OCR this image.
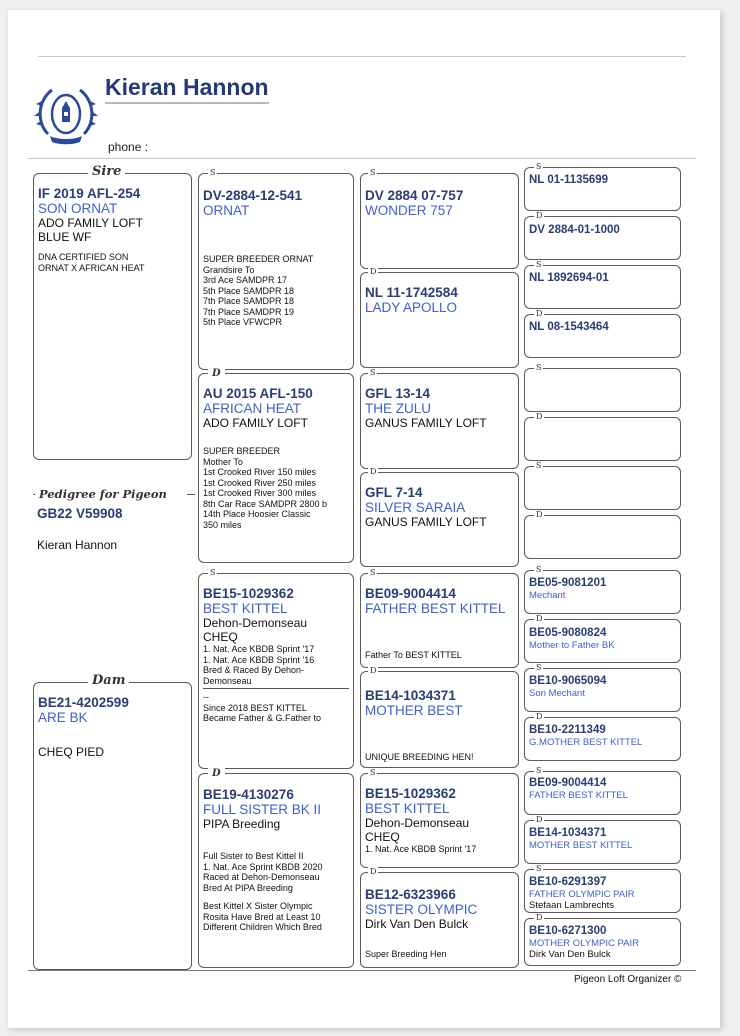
Kieran Hannon
phone :
IF 2019 AFL-254
SON ORNAT
ADO FAMILY LOFT
BLUE WF
DNA CERTIFIED SON
ORNAT X AFRICAN HEAT
Sire
Pedigree for Pigeon
GB22 V59908
Kieran Hannon
BE21-4202599
ARE BK
CHEQ PIED
Dam
DV-2884-12-541
ORNAT
SUPER BREEDER ORNAT
Grandsire To
3rd Ace SAMDPR 17
5th Place SAMDPR 18
7th Place SAMDPR 18
7th Place SAMDPR 19
5th Place VFWCPR
S
AU 2015 AFL-150
AFRICAN HEAT
ADO FAMILY LOFT
SUPER BREEDER
Mother To
1st Crooked River 150 miles
1st Crooked River 250 miles
1st Crooked River 300 miles
8th Car Race SAMDPR 2800 b
14th Place Hoosier Classic
350 miles
D
BE15-1029362
BEST KITTEL
Dehon-Demonseau
CHEQ
1. Nat. Ace KBDB Sprint '17
1. Nat. Ace KBDB Sprint '16
Bred & Raced By Dehon-
Demonseau
--
Since 2018 BEST KITTEL
Became Father & G.Father to
S
BE19-4130276
FULL SISTER BK II
PIPA Breeding
Full Sister to Best Kittel II
1. Nat. Ace Sprint KBDB 2020
Raced at Dehon-Demonseau
Bred At PIPA Breeding
Best Kittel X Sister Olympic
Rosita Have Bred at Least 10
Different Children Which Bred
D
DV 2884 07-757
WONDER 757
S
NL 11-1742584
LADY APOLLO
D
GFL 13-14
THE ZULU
GANUS FAMILY LOFT
S
GFL 7-14
SILVER SARAIA
GANUS FAMILY LOFT
D
BE09-9004414
FATHER BEST KITTEL
Father To BEST KITTEL
S
BE14-1034371
MOTHER BEST
UNIQUE BREEDING HEN!
D
BE15-1029362
BEST KITTEL
Dehon-Demonseau
CHEQ
1. Nat. Ace KBDB Sprint '17
S
BE12-6323966
SISTER OLYMPIC
Dirk Van Den Bulck
Super Breeding Hen
D
NL 01-1135699
S
DV 2884-01-1000
D
NL 1892694-01
S
NL 08-1543464
D
S
D
S
D
BE05-9081201
Mechant
S
BE05-9080824
Mother to Father BK
D
BE10-9065094
Son Mechant
S
BE10-2211349
G.MOTHER BEST KITTEL
D
BE09-9004414
FATHER BEST KITTEL
S
BE14-1034371
MOTHER BEST KITTEL
D
BE10-6291397
FATHER OLYMPIC PAIR
Stefaan Lambrechts
S
BE10-6271300
MOTHER OLYMPIC PAIR
Dirk Van Den Bulck
D
Pigeon Loft Organizer ©
